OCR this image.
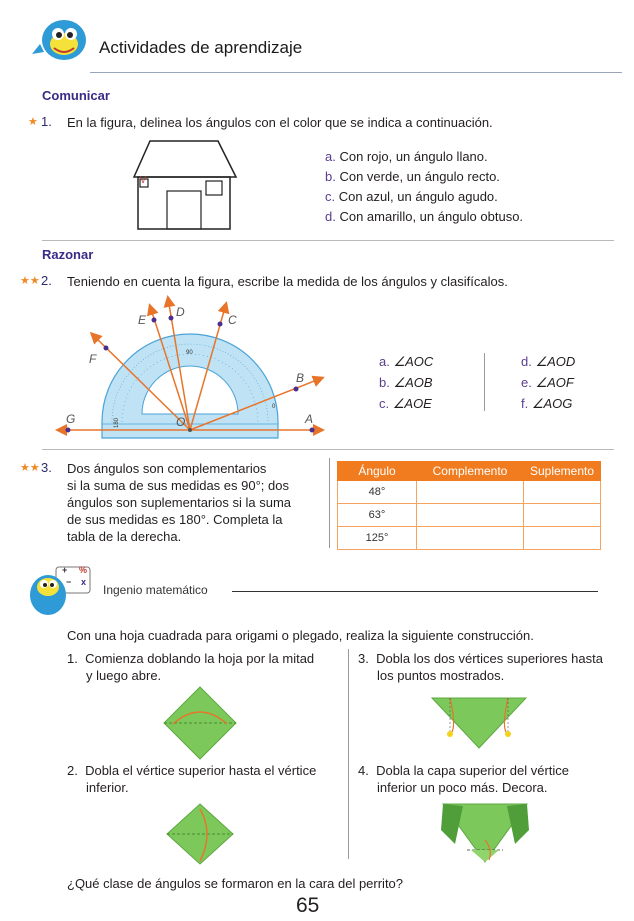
Actividades de aprendizaje
Comunicar
★ 1. En la figura, delinea los ángulos con el color que se indica a continuación.
V
a. Con rojo, un ángulo llano.
b. Con verde, un ángulo recto.
c. Con azul, un ángulo agudo.
d. Con amarillo, un ángulo obtuso.
Razonar
★★ 2. Teniendo en cuenta la figura, escribe la medida de los ángulos y clasifícalos.
E
D
C
F
B
G	A
O
90
180
0
a. ∠AOC
b. ∠AOB
c. ∠AOE
d. ∠AOD
e. ∠AOF
f. ∠AOG
★★ 3. Dos ángulos son complementarios
si la suma de sus medidas es 90°; dos
ángulos son suplementarios si la suma
de sus medidas es 180°. Completa la
tabla de la derecha.
Ángulo	Complemento	Suplemento
48°		
63°		
125°		
+ %
− x
Ingenio matemático
Con una hoja cuadrada para origami o plegado, realiza la siguiente construcción.
1. Comienza doblando la hoja por la mitad
y luego abre.
3. Dobla los dos vértices superiores hasta
los puntos mostrados.
2. Dobla el vértice superior hasta el vértice
inferior.
4. Dobla la capa superior del vértice
inferior un poco más. Decora.
¿Qué clase de ángulos se formaron en la cara del perrito?
65
